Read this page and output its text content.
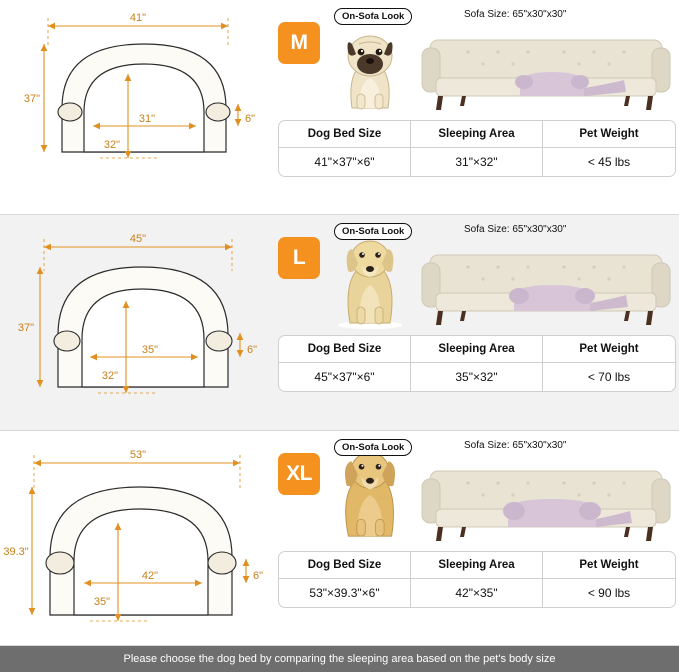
41"
37"
31"
32"
6"
M
On-Sofa Look	Sofa Size: 65"x30"x30"
Dog Bed Size	Sleeping Area	Pet Weight
41"×37"×6"	31"×32"	< 45 lbs
45"
37"
35"
32"
6"
L
On-Sofa Look	Sofa Size: 65"x30"x30"
Dog Bed Size	Sleeping Area	Pet Weight
45"×37"×6"	35"×32"	< 70 lbs
53"
39.3"
42"
35"
6"
XL
On-Sofa Look	Sofa Size: 65"x30"x30"
Dog Bed Size	Sleeping Area	Pet Weight
53"×39.3"×6"	42"×35"	< 90 lbs
Please choose the dog bed by comparing the sleeping area based on the pet's body size
